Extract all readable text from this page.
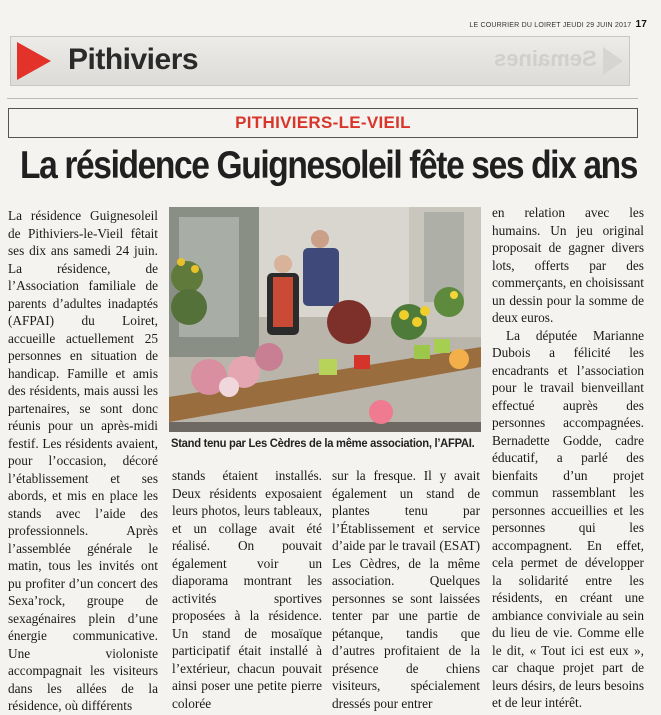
LE COURRIER DU LOIRET JEUDI 29 JUIN 2017 17
Pithiviers	Semaines
PITHIVIERS-LE-VIEIL
La résidence Guignesoleil fête ses dix ans

La résidence Guignesoleil de Pithiviers-le-Vieil fêtait ses dix ans samedi 24 juin. La résidence, de l’Association familiale de parents d’adultes inadaptés (AFPAI) du Loiret, accueille actuellement 25 personnes en situation de handicap. Famille et amis des résidents, mais aussi les partenaires, se sont donc réunis pour un après-midi festif. Les résidents avaient, pour l’occasion, décoré l’établissement et ses abords, et mis en place les stands avec l’aide des professionnels. Après l’assemblée générale le matin, tous les invités ont pu profiter d’un concert des Sexa’rock, groupe de sexagénaires plein d’une énergie communicative. Une violoniste accompagnait les visiteurs dans les allées de la résidence, où différents

Stand tenu par Les Cèdres de la même association, l’AFPAI.

stands étaient installés. Deux résidents exposaient leurs photos, leurs tableaux, et un collage avait été réalisé. On pouvait également voir un diaporama montrant les activités sportives proposées à la résidence. Un stand de mosaïque participatif était installé à l’extérieur, chacun pouvait ainsi poser une petite pierre colorée

sur la fresque. Il y avait également un stand de plantes tenu par l’Établissement et service d’aide par le travail (ESAT) Les Cèdres, de la même association. Quelques personnes se sont laissées tenter par une partie de pétanque, tandis que d’autres profitaient de la présence de chiens visiteurs, spécialement dressés pour entrer

en relation avec les humains. Un jeu original proposait de gagner divers lots, offerts par des commerçants, en choisissant un dessin pour la somme de deux euros.

La députée Marianne Dubois a félicité les encadrants et l’association pour le travail bienveillant effectué auprès des personnes accompagnées. Bernadette Godde, cadre éducatif, a parlé des bienfaits d’un projet commun rassemblant les personnes accueillies et les personnes qui les accompagnent. En effet, cela permet de développer la solidarité entre les résidents, en créant une ambiance conviviale au sein du lieu de vie. Comme elle le dit, « Tout ici est eux », car chaque projet part de leurs désirs, de leurs besoins et de leur intérêt.
